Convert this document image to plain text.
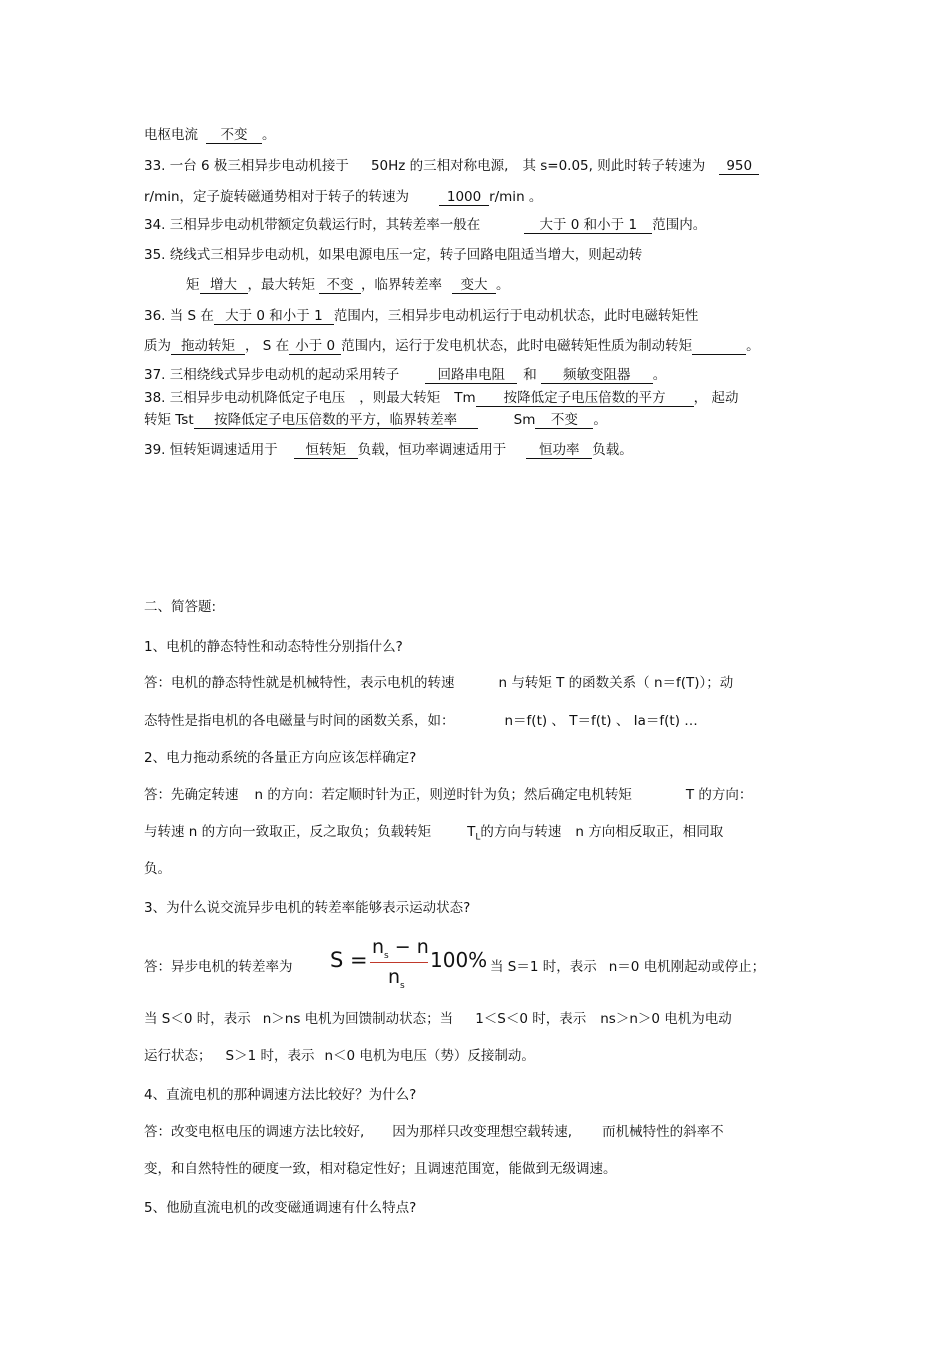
电枢电流 不变 。
33. 一台 6 极三相异步电动机接于 50Hz 的三相对称电源, 其 s=0.05, 则此时转子转速为 950
r/min，定子旋转磁通势相对于转子的转速为	1000 r/min 。
34. 三相异步电动机带额定负载运行时，其转差率一般在	大于 0 和小于 1 范围内。
35. 绕线式三相异步电动机，如果电源电压一定，转子回路电阻适当增大，则起动转
矩 增大 ，最大转矩 不变 ，临界转差率 变大 。
36. 当 S 在 大于 0 和小于 1 范围内，三相异步电动机运行于电动机状态，此时电磁转矩性
质为 拖动转矩 ， S 在 小于 0 范围内，运行于发电机状态，此时电磁转矩性质为制动转矩	。
37. 三相绕线式异步电动机的起动采用转子	回路串电阻 和 频敏变阻器 。
38. 三相异步电动机降低定子电压 ，则最大转矩 Tm 按降低定子电压倍数的平方 ， 起动
转矩 Tst 按降低定子电压倍数的平方，临界转差率	Sm 不变 。
39. 恒转矩调速适用于 恒转矩 负载，恒功率调速适用于 恒功率 负载。
二、简答题:
1、电机的静态特性和动态特性分别指什么?
答：电机的静态特性就是机械特性，表示电机的转速	n 与转矩 T 的函数关系（ n＝f(T)）；动
态特性是指电机的各电磁量与时间的函数关系，如：	n＝f(t) 、 T＝f(t) 、 Ia＝f(t) …
2、电力拖动系统的各量正方向应该怎样确定?
答：先确定转速 n 的方向：若定顺时针为正，则逆时针为负；然后确定电机转矩	T 的方向：
与转速 n 的方向一致取正，反之取负；负载转矩	$T_L$的方向与转速 n 方向相反取正，相同取
负。
3、为什么说交流异步电机的转差率能够表示运动状态?
答：异步电机的转差率为 S =
$n_s - n$
$n_s$
100% 当 S＝1 时，表示 n＝0 电机刚起动或停止；
当 S＜0 时，表示 n＞ns 电机为回馈制动状态；当 1＜S＜0 时，表示 ns＞n＞0 电机为电动
运行状态； S＞1 时，表示 n＜0 电机为电压（势）反接制动。
4、直流电机的那种调速方法比较好？为什么?
答：改变电枢电压的调速方法比较好, 因为那样只改变理想空载转速, 而机械特性的斜率不
变，和自然特性的硬度一致，相对稳定性好；且调速范围宽，能做到无级调速。
5、他励直流电机的改变磁通调速有什么特点?
